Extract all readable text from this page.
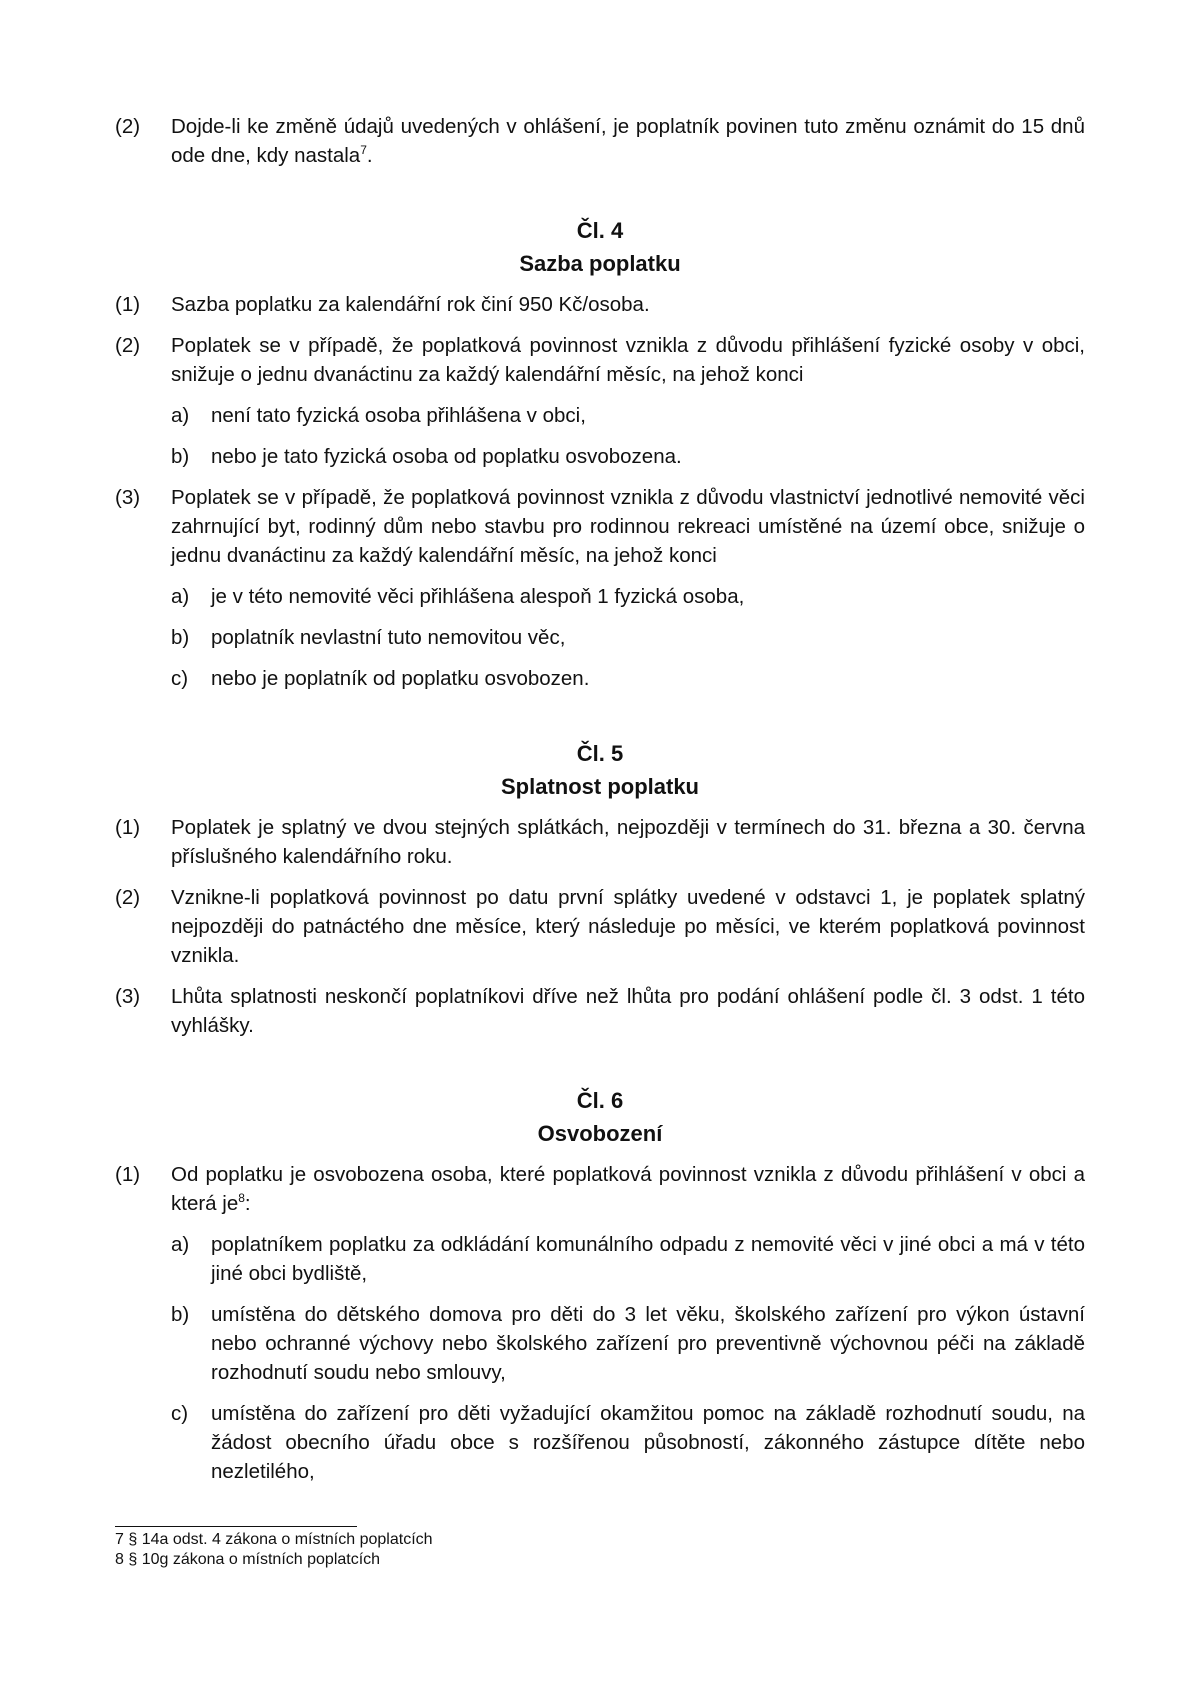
(2)	Dojde-li ke změně údajů uvedených v ohlášení, je poplatník povinen tuto změnu oznámit do 15 dnů ode dne, kdy nastala$^7$.
Čl. 4
Sazba poplatku
(1)	Sazba poplatku za kalendářní rok činí 950 Kč/osoba.
(2)	Poplatek se v případě, že poplatková povinnost vznikla z důvodu přihlášení fyzické osoby v obci, snižuje o jednu dvanáctinu za každý kalendářní měsíc, na jehož konci
a)	není tato fyzická osoba přihlášena v obci,
b)	nebo je tato fyzická osoba od poplatku osvobozena.
(3)	Poplatek se v případě, že poplatková povinnost vznikla z důvodu vlastnictví jednotlivé nemovité věci zahrnující byt, rodinný dům nebo stavbu pro rodinnou rekreaci umístěné na území obce, snižuje o jednu dvanáctinu za každý kalendářní měsíc, na jehož konci
a)	je v této nemovité věci přihlášena alespoň 1 fyzická osoba,
b)	poplatník nevlastní tuto nemovitou věc,
c)	nebo je poplatník od poplatku osvobozen.
Čl. 5
Splatnost poplatku
(1)	Poplatek je splatný ve dvou stejných splátkách, nejpozději v termínech do 31. března a 30. června příslušného kalendářního roku.
(2)	Vznikne-li poplatková povinnost po datu první splátky uvedené v odstavci 1, je poplatek splatný nejpozději do patnáctého dne měsíce, který následuje po měsíci, ve kterém poplatková povinnost vznikla.
(3)	Lhůta splatnosti neskončí poplatníkovi dříve než lhůta pro podání ohlášení podle čl. 3 odst. 1 této vyhlášky.
Čl. 6
Osvobození
(1)	Od poplatku je osvobozena osoba, které poplatková povinnost vznikla z důvodu přihlášení v obci a která $je^8$:
a)	poplatníkem poplatku za odkládání komunálního odpadu z nemovité věci v jiné obci a má v této jiné obci bydliště,
b)	umístěna do dětského domova pro děti do 3 let věku, školského zařízení pro výkon ústavní nebo ochranné výchovy nebo školského zařízení pro preventivně výchovnou péči na základě rozhodnutí soudu nebo smlouvy,
c)	umístěna do zařízení pro děti vyžadující okamžitou pomoc na základě rozhodnutí soudu, na žádost obecního úřadu obce s rozšířenou působností, zákonného zástupce dítěte nebo nezletilého,
7 § 14a odst. 4 zákona o místních poplatcích
8 § 10g zákona o místních poplatcích
